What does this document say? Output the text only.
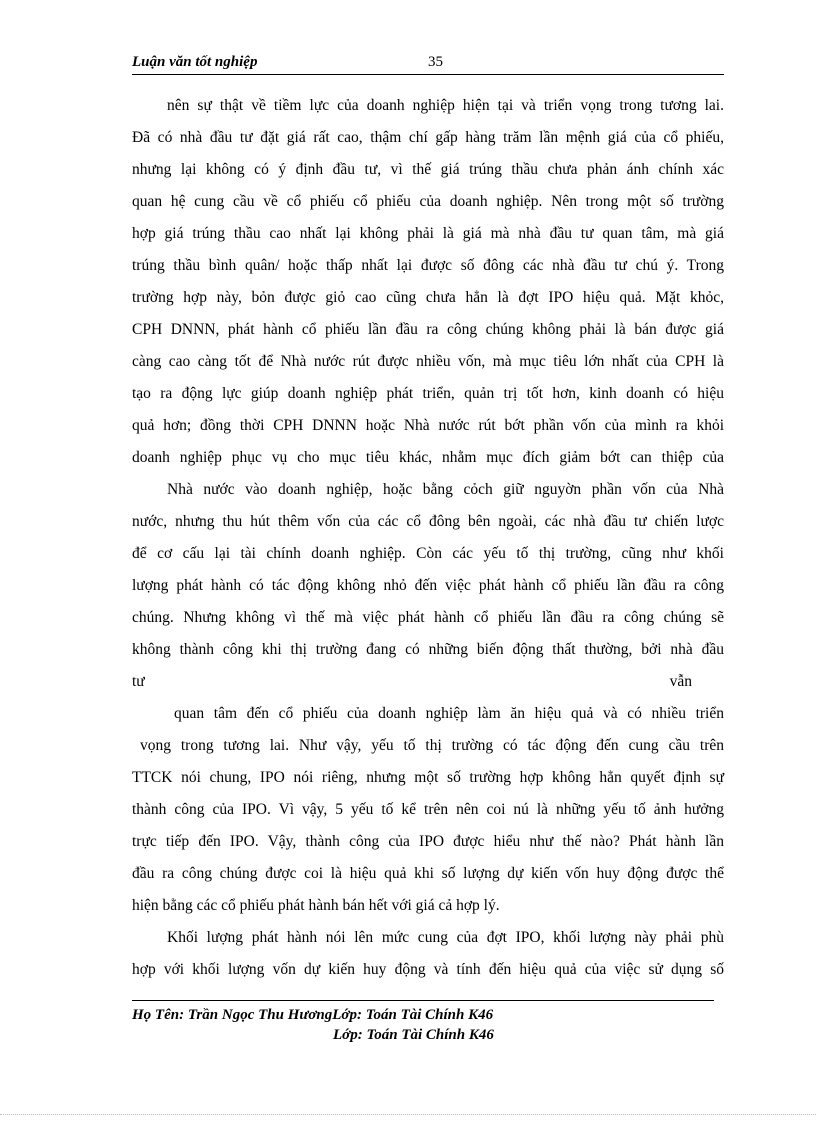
Luận văn tốt nghiệp	35
nên sự thật về tiềm lực của doanh nghiệp hiện tại và triển vọng trong tương lai.
Đã có nhà đầu tư đặt giá rất cao, thậm chí gấp hàng trăm lần mệnh giá của cổ phiếu,
nhưng lại không có ý định đầu tư, vì thế giá trúng thầu chưa phản ánh chính xác
quan hệ cung cầu về cổ phiếu cổ phiếu của doanh nghiệp. Nên trong một số trường
hợp giá trúng thầu cao nhất lại không phải là giá mà nhà đầu tư quan tâm, mà giá
trúng thầu bình quân/ hoặc thấp nhất lại được số đông các nhà đầu tư chú ý. Trong
trường hợp này, bỏn được giỏ cao cũng chưa hẳn là đợt IPO hiệu quả. Mặt khỏc,
CPH DNNN, phát hành cổ phiếu lần đầu ra công chúng không phải là bán được giá
càng cao càng tốt để Nhà nước rút được nhiều vốn, mà mục tiêu lớn nhất của CPH là
tạo ra động lực giúp doanh nghiệp phát triển, quản trị tốt hơn, kinh doanh có hiệu
quả hơn; đồng thời CPH DNNN hoặc Nhà nước rút bớt phần vốn của mình ra khỏi
doanh nghiệp phục vụ cho mục tiêu khác, nhằm mục đích giảm bớt can thiệp của
Nhà nước vào doanh nghiệp, hoặc bằng cỏch giữ nguyờn phần vốn của Nhà
nước, nhưng thu hút thêm vốn của các cổ đông bên ngoài, các nhà đầu tư chiến lược
để cơ cấu lại tài chính doanh nghiệp. Còn các yếu tố thị trường, cũng như khối
lượng phát hành có tác động không nhỏ đến việc phát hành cổ phiếu lần đầu ra công
chúng. Nhưng không vì thế mà việc phát hành cổ phiếu lần đầu ra công chúng sẽ
không thành công khi thị trường đang có những biến động thất thường, bởi nhà đầu
tư vẫn
quan tâm đến cổ phiếu của doanh nghiệp làm ăn hiệu quả và có nhiều triển
vọng trong tương lai. Như vậy, yếu tố thị trường có tác động đến cung cầu trên
TTCK nói chung, IPO nói riêng, nhưng một số trường hợp không hẳn quyết định sự
thành công của IPO. Vì vậy, 5 yếu tố kể trên nên coi nú là những yếu tố ảnh hưởng
trực tiếp đến IPO. Vậy, thành công của IPO được hiểu như thế nào? Phát hành lần
đầu ra công chúng được coi là hiệu quả khi số lượng dự kiến vốn huy động được thể
hiện bằng các cổ phiếu phát hành bán hết với giá cả hợp lý.
Khối lượng phát hành nói lên mức cung của đợt IPO, khối lượng này phải phù
hợp với khối lượng vốn dự kiến huy động và tính đến hiệu quả của việc sử dụng số
Họ Tên: Trần Ngọc Thu HươngLớp: Toán Tài Chính K46
Lớp: Toán Tài Chính K46
